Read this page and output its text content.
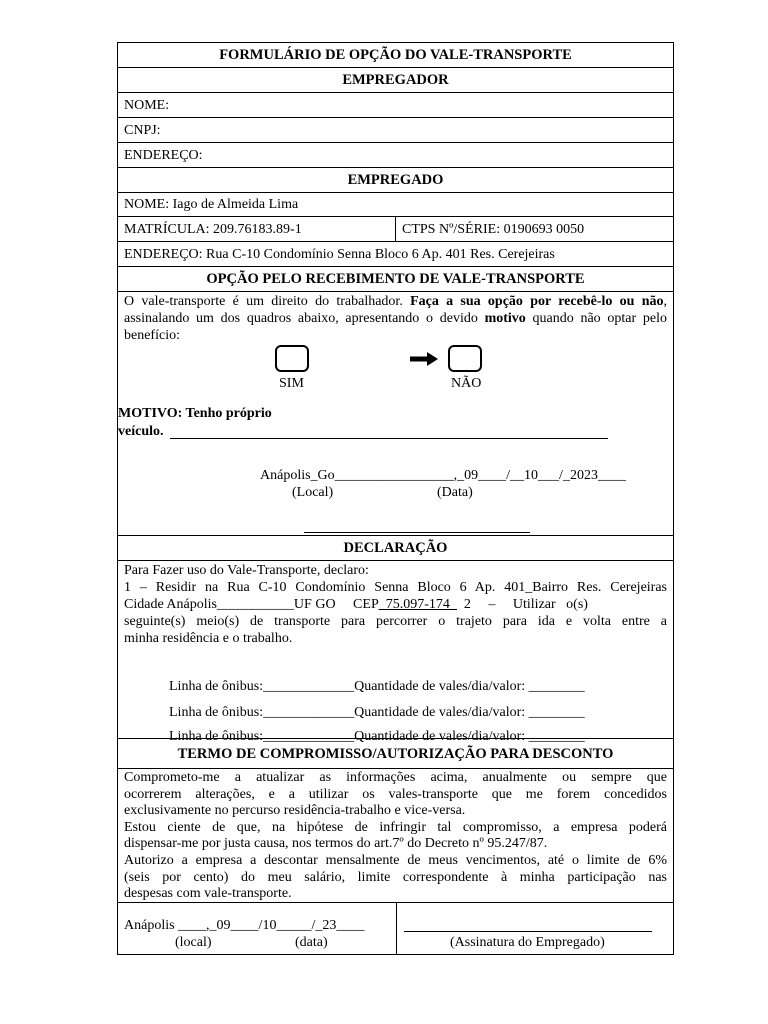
FORMULÁRIO DE OPÇÃO DO VALE-TRANSPORTE
EMPREGADOR
NOME:
CNPJ:
ENDEREÇO:
EMPREGADO
NOME: Iago de Almeida Lima
MATRÍCULA: 209.76183.89-1	CTPS Nº/SÉRIE: 0190693 0050
ENDEREÇO: Rua C-10 Condomínio Senna Bloco 6 Ap. 401 Res. Cerejeiras
OPÇÃO PELO RECEBIMENTO DE VALE-TRANSPORTE
O vale-transporte é um direito do trabalhador. Faça a sua opção por recebê-lo ou não, assinalando um dos quadros abaixo, apresentando o devido motivo quando não optar pelo benefício:
SIM	NÃO
MOTIVO: Tenho próprio
veículo.
Anápolis_Go_________________,_09____/__10___/_2023____
(Local)	(Data)
DECLARAÇÃO
Para Fazer uso do Vale-Transporte, declaro:
1 – Residir na Rua C-10 Condomínio Senna Bloco 6 Ap. 401_Bairro Res. Cerejeiras
Cidade Anápolis___________UF GO     CEP_75.097-174_  2     –     Utilizar   o(s)
seguinte(s) meio(s) de transporte para percorrer o trajeto para ida e volta entre a
minha residência e o trabalho.
Linha de ônibus:_____________Quantidade de vales/dia/valor: ________
Linha de ônibus:_____________Quantidade de vales/dia/valor: ________
Linha de ônibus:_____________Quantidade de vales/dia/valor: ________
TERMO DE COMPROMISSO/AUTORIZAÇÃO PARA DESCONTO
Comprometo-me a atualizar as informações acima, anualmente ou sempre que
ocorrerem alterações, e a utilizar os vales-transporte que me forem concedidos
exclusivamente no percurso residência-trabalho e vice-versa.
Estou ciente de que, na hipótese de infringir tal compromisso, a empresa poderá
dispensar-me por justa causa, nos termos do art.7º do Decreto nº 95.247/87.
Autorizo a empresa a descontar mensalmente de meus vencimentos, até o limite de 6%
(seis por cento) do meu salário, limite correspondente à minha participação nas
despesas com vale-transporte.
Anápolis ____,_09____/10_____/_23____
(local)	(data)	(Assinatura do Empregado)
